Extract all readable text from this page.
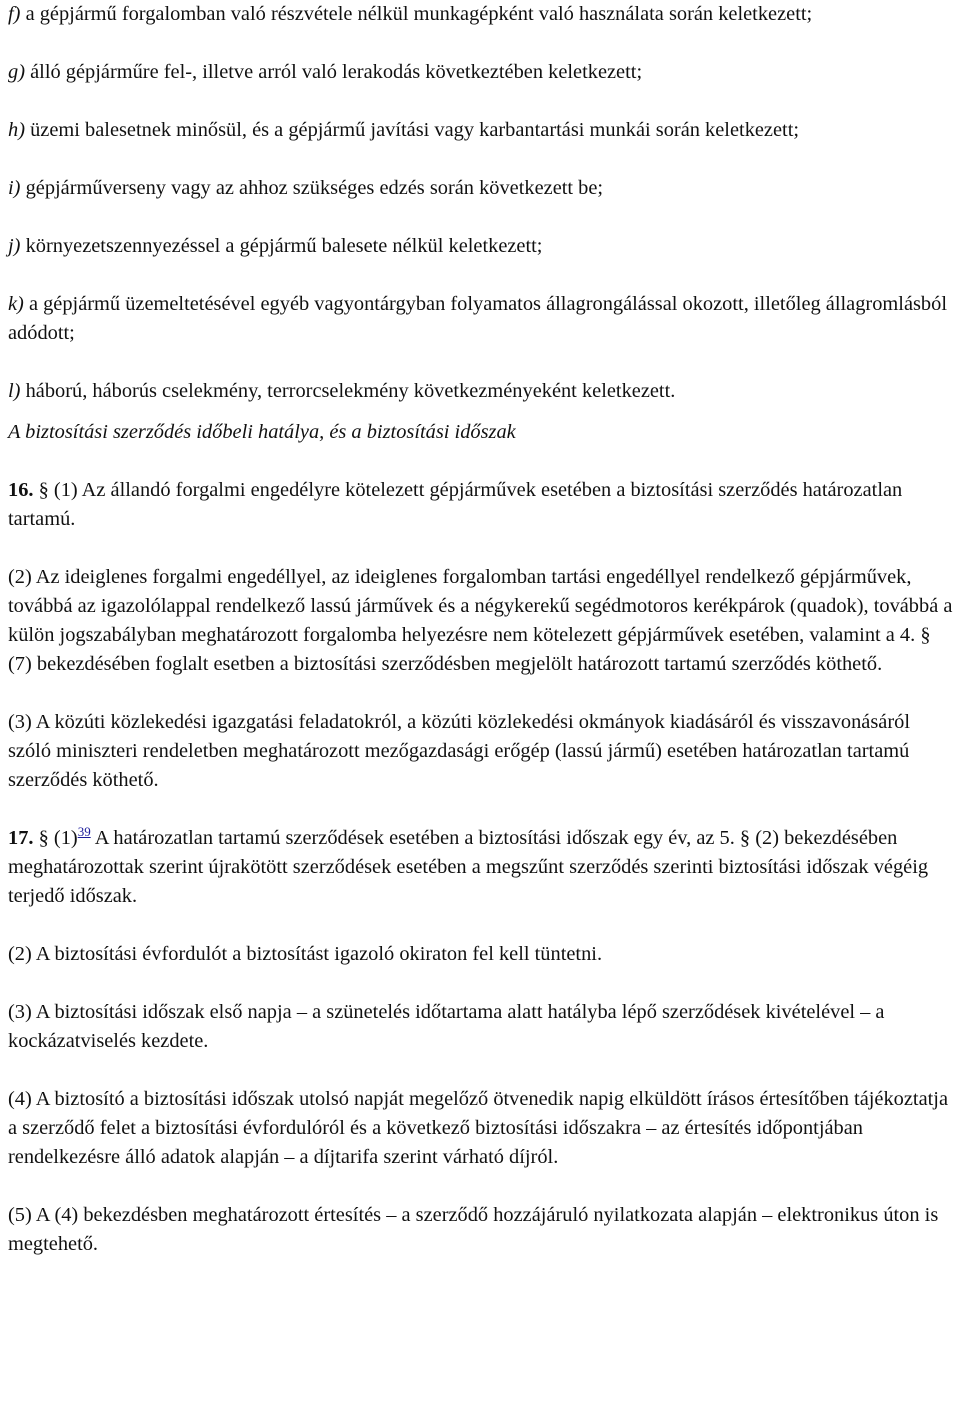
f) a gépjármű forgalomban való részvétele nélkül munkagépként való használata során keletkezett;

g) álló gépjárműre fel-, illetve arról való lerakodás következtében keletkezett;

h) üzemi balesetnek minősül, és a gépjármű javítási vagy karbantartási munkái során keletkezett;

i) gépjárműverseny vagy az ahhoz szükséges edzés során következett be;

j) környezetszennyezéssel a gépjármű balesete nélkül keletkezett;

k) a gépjármű üzemeltetésével egyéb vagyontárgyban folyamatos állagrongálással okozott, illetőleg állagromlásból adódott;

l) háború, háborús cselekmény, terrorcselekmény következményeként keletkezett.

A biztosítási szerződés időbeli hatálya, és a biztosítási időszak

16. § (1) Az állandó forgalmi engedélyre kötelezett gépjárművek esetében a biztosítási szerződés határozatlan tartamú.

(2) Az ideiglenes forgalmi engedéllyel, az ideiglenes forgalomban tartási engedéllyel rendelkező gépjárművek, továbbá az igazolólappal rendelkező lassú járművek és a négykerekű segédmotoros kerékpárok (quadok), továbbá a külön jogszabályban meghatározott forgalomba helyezésre nem kötelezett gépjárművek esetében, valamint a 4. § (7) bekezdésében foglalt esetben a biztosítási szerződésben megjelölt határozott tartamú szerződés köthető.

(3) A közúti közlekedési igazgatási feladatokról, a közúti közlekedési okmányok kiadásáról és visszavonásáról szóló miniszteri rendeletben meghatározott mezőgazdasági erőgép (lassú jármű) esetében határozatlan tartamú szerződés köthető.

17. § (1)$^{39}$ A határozatlan tartamú szerződések esetében a biztosítási időszak egy év, az 5. § (2) bekezdésében meghatározottak szerint újrakötött szerződések esetében a megszűnt szerződés szerinti biztosítási időszak végéig terjedő időszak.

(2) A biztosítási évfordulót a biztosítást igazoló okiraton fel kell tüntetni.

(3) A biztosítási időszak első napja – a szünetelés időtartama alatt hatályba lépő szerződések kivételével – a kockázatviselés kezdete.

(4) A biztosító a biztosítási időszak utolsó napját megelőző ötvenedik napig elküldött írásos értesítőben tájékoztatja a szerződő felet a biztosítási évfordulóról és a következő biztosítási időszakra – az értesítés időpontjában rendelkezésre álló adatok alapján – a díjtarifa szerint várható díjról.

(5) A (4) bekezdésben meghatározott értesítés – a szerződő hozzájáruló nyilatkozata alapján – elektronikus úton is megtehető.
